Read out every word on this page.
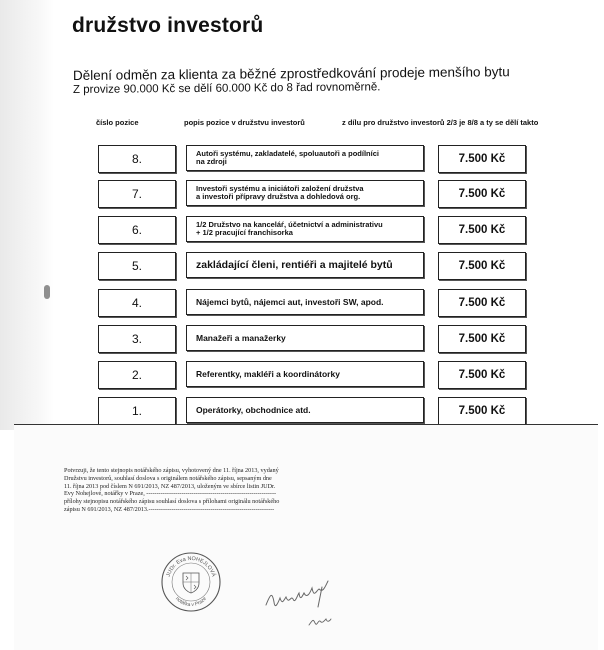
družstvo investorů
Dělení odměn za klienta za běžné zprostředkování prodeje menšího bytu
Z provize 90.000 Kč se dělí 60.000 Kč do 8 řad rovnoměrně.
číslo pozice	popis pozice v družstvu investorů	z dílu pro družstvo investorů 2/3 je 8/8 a ty se dělí takto
8.	Autoři systému, zakladatelé, spoluautoři a podílníci
na zdroji	7.500 Kč
7.	Investoři systému a iniciátoři založení družstva
a investoři přípravy družstva a dohledová org.	7.500 Kč
6.	1/2 Družstvo na kanceláŕ, účetnictví a administrativu
+ 1/2 pracující franchisorka	7.500 Kč
5.	zakládající členi, rentiéři a majitelé bytů	7.500 Kč
4.	Nájemci bytů, nájemci aut, investoři SW, apod.	7.500 Kč
3.	Manažeři a manažerky	7.500 Kč
2.	Referentky, makléři a koordinátorky	7.500 Kč
1.	Operátorky, obchodnice atd.	7.500 Kč
Potvrzuji, že tento stejnopis notářského zápisu, vyhotovený dne 11. října 2013, vydaný
Družstvu investorů, souhlasí doslova s originálem notářského zápisu, sepsaným dne
11. října 2013 pod číslem N 691/2013, NZ 487/2013, uloženým ve sbírce listin JUDr.
Evy Nohejlové, notářky v Praze, ---------------------------------------------------------------
přílohy stejnopisu notářského zápisu souhlasí doslova s přílohami originálu notářského
zápisu N 691/2013, NZ 487/2013.-------------------------------------------------------------
JUDr. Eva NOHEJLOVÁ
notářka v Praze
